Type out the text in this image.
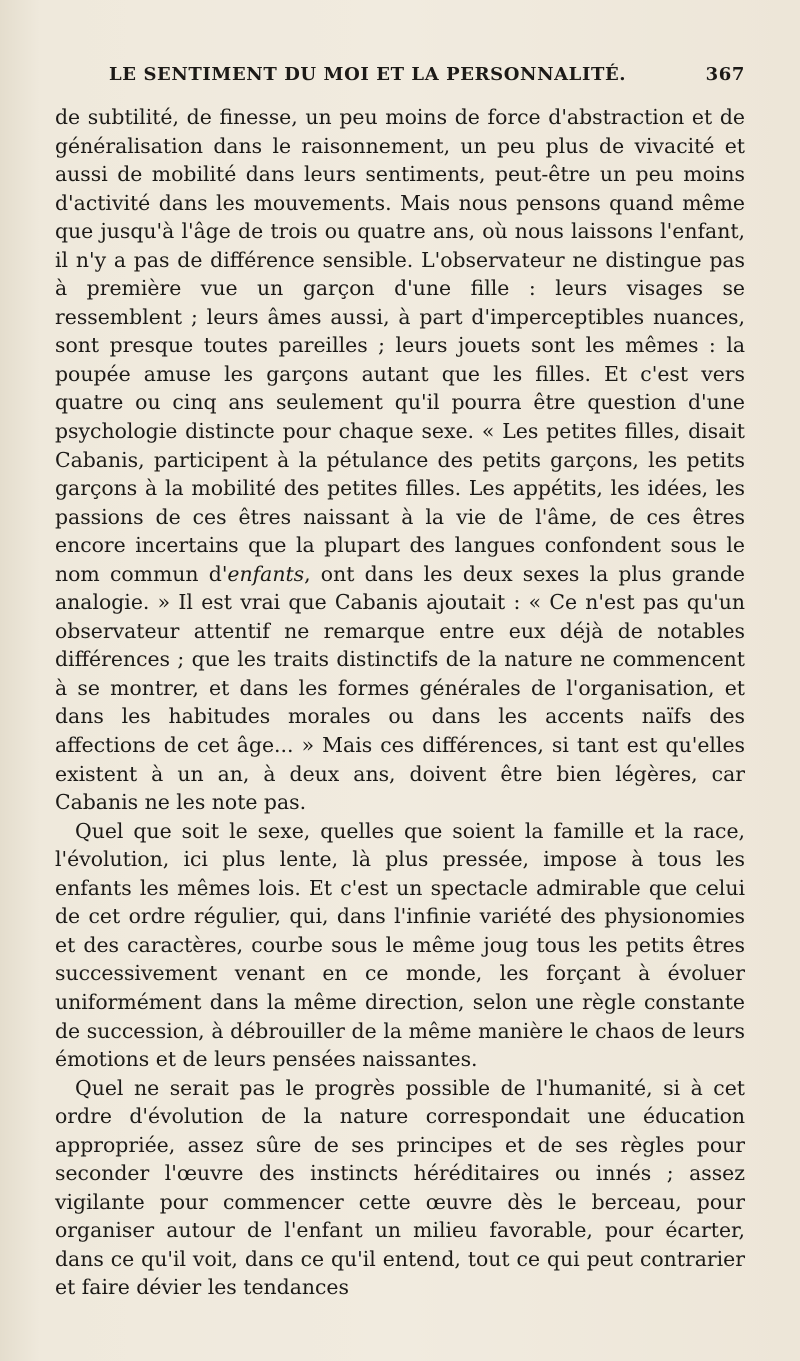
LE SENTIMENT DU MOI ET LA PERSONNALITÉ.	367

de subtilité, de finesse, un peu moins de force d'abstraction et de généralisation dans le raisonnement, un peu plus de vivacité et aussi de mobilité dans leurs sentiments, peut-être un peu moins d'activité dans les mouvements. Mais nous pensons quand même que jusqu'à l'âge de trois ou quatre ans, où nous laissons l'enfant, il n'y a pas de différence sensible. L'observateur ne distingue pas à première vue un garçon d'une fille : leurs visages se ressemblent ; leurs âmes aussi, à part d'imperceptibles nuances, sont presque toutes pareilles ; leurs jouets sont les mêmes : la poupée amuse les garçons autant que les filles. Et c'est vers quatre ou cinq ans seulement qu'il pourra être question d'une psychologie distincte pour chaque sexe. « Les petites filles, disait Cabanis, participent à la pétulance des petits garçons, les petits garçons à la mobilité des petites filles. Les appétits, les idées, les passions de ces êtres naissant à la vie de l'âme, de ces êtres encore incertains que la plupart des langues confondent sous le nom commun d'enfants, ont dans les deux sexes la plus grande analogie. » Il est vrai que Cabanis ajoutait : « Ce n'est pas qu'un observateur attentif ne remarque entre eux déjà de notables différences ; que les traits distinctifs de la nature ne commencent à se montrer, et dans les formes générales de l'organisation, et dans les habitudes morales ou dans les accents naïfs des affections de cet âge... » Mais ces différences, si tant est qu'elles existent à un an, à deux ans, doivent être bien légères, car Cabanis ne les note pas.

Quel que soit le sexe, quelles que soient la famille et la race, l'évolution, ici plus lente, là plus pressée, impose à tous les enfants les mêmes lois. Et c'est un spectacle admirable que celui de cet ordre régulier, qui, dans l'infinie variété des physionomies et des caractères, courbe sous le même joug tous les petits êtres successivement venant en ce monde, les forçant à évoluer uniformément dans la même direction, selon une règle constante de succession, à débrouiller de la même manière le chaos de leurs émotions et de leurs pensées naissantes.

Quel ne serait pas le progrès possible de l'humanité, si à cet ordre d'évolution de la nature correspondait une éducation appropriée, assez sûre de ses principes et de ses règles pour seconder l'œuvre des instincts héréditaires ou innés ; assez vigilante pour commencer cette œuvre dès le berceau, pour organiser autour de l'enfant un milieu favorable, pour écarter, dans ce qu'il voit, dans ce qu'il entend, tout ce qui peut contrarier et faire dévier les tendances
